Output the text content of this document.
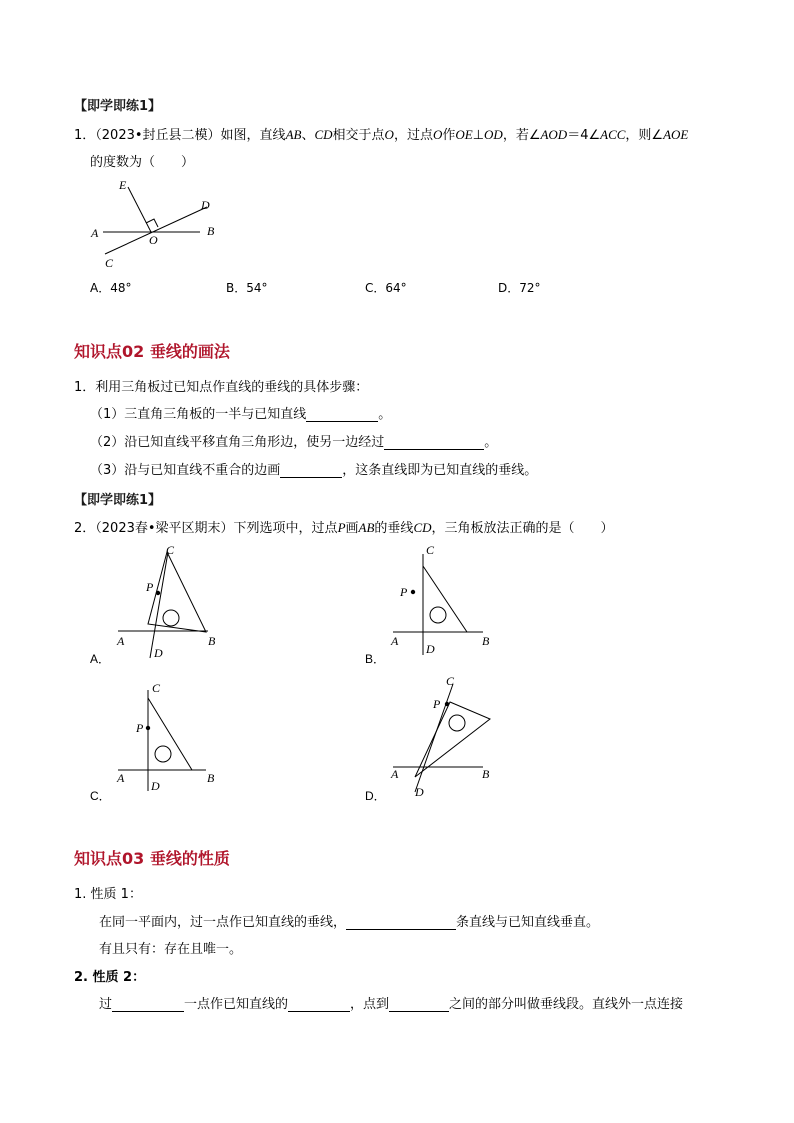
【即学即练1】
1．（2023•封丘县二模）如图，直线AB、CD相交于点O，过点O作OE⊥OD，若∠AOD＝4∠ACC，则∠AOE
的度数为（　　）
E
D
A	O
B
C
A．48°	B．54°	C．64°	D．72°
知识点02 垂线的画法
1．利用三角板过已知点作直线的垂线的具体步骤：
（1）三直角三角板的一半与已知直线	。
（2）沿已知直线平移直角三角形边，使另一边经过	。
（3）沿与已知直线不重合的边画	，这条直线即为已知直线的垂线。
【即学即练1】
2．（2023春•梁平区期末）下列选项中，过点P画AB的垂线CD，三角板放法正确的是（　　）
C
P
A	B
D
A．
C
P
A	B
D
B．
C
P
A	B
D
C．
C
P
A	B
D
D．
知识点03 垂线的性质
1. 性质 1：
在同一平面内，过一点作已知直线的垂线，	条直线与已知直线垂直。
有且只有：存在且唯一。
2. 性质 2：
过	一点作已知直线的	，点到	之间的部分叫做垂线段。直线外一点连接
